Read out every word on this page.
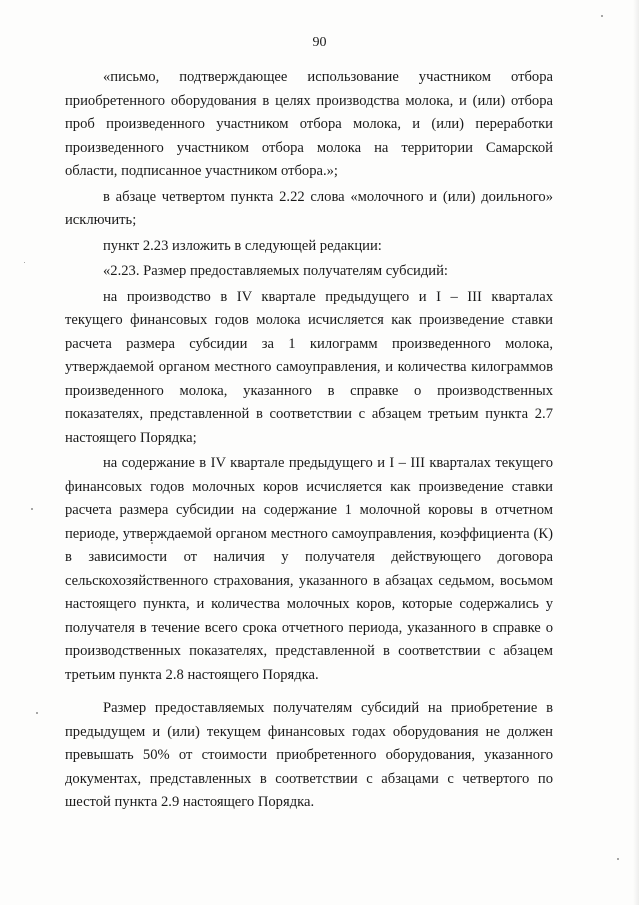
90

«письмо, подтверждающее использование участником отбора приобретенного оборудования в целях производства молока, и (или) отбора проб произведенного участником отбора молока, и (или) переработки произведенного участником отбора молока на территории Самарской области, подписанное участником отбора.»;

в абзаце четвертом пункта 2.22 слова «молочного и (или) доильного» исключить;

пункт 2.23 изложить в следующей редакции:

«2.23. Размер предоставляемых получателям субсидий:

на производство в IV квартале предыдущего и I – III кварталах текущего финансовых годов молока исчисляется как произведение ставки расчета размера субсидии за 1 килограмм произведенного молока, утверждаемой органом местного самоуправления, и количества килограммов произведенного молока, указанного в справке о производственных показателях, представленной в соответствии с абзацем третьим пункта 2.7 настоящего Порядка;

на содержание в IV квартале предыдущего и I – III кварталах текущего финансовых годов молочных коров исчисляется как произведение ставки расчета размера субсидии на содержание 1 молочной коровы в отчетном периоде, утверждаемой органом местного самоуправления, коэффициента (К) в зависимости от наличия у получателя действующего договора сельскохозяйственного страхования, указанного в абзацах седьмом, восьмом настоящего пункта, и количества молочных коров, которые содержались у получателя в течение всего срока отчетного периода, указанного в справке о производственных показателях, представленной в соответствии с абзацем третьим пункта 2.8 настоящего Порядка.

Размер предоставляемых получателям субсидий на приобретение в предыдущем и (или) текущем финансовых годах оборудования не должен превышать 50% от стоимости приобретенного оборудования, указанного документах, представленных в соответствии с абзацами с четвертого по шестой пункта 2.9 настоящего Порядка.
